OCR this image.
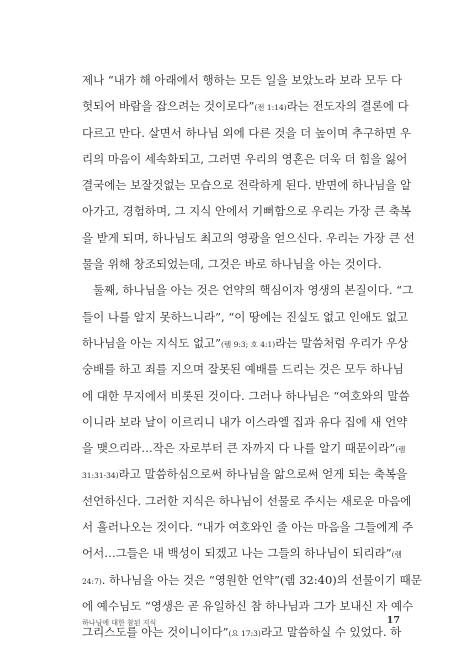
제나 “내가 해 아래에서 행하는 모든 일을 보았노라 보라 모두 다
헛되어 바람을 잡으려는 것이로다”(전 1:14)라는 전도자의 결론에 다
다르고 만다. 살면서 하나님 외에 다른 것을 더 높이며 추구하면 우
리의 마음이 세속화되고, 그러면 우리의 영혼은 더욱 더 힘을 잃어
결국에는 보잘것없는 모습으로 전락하게 된다. 반면에 하나님을 알
아가고, 경험하며, 그 지식 안에서 기뻐함으로 우리는 가장 큰 축복
을 받게 되며, 하나님도 최고의 영광을 얻으신다. 우리는 가장 큰 선
물을 위해 창조되었는데, 그것은 바로 하나님을 아는 것이다.
둘째, 하나님을 아는 것은 언약의 핵심이자 영생의 본질이다. “그
들이 나를 알지 못하느니라”, “이 땅에는 진실도 없고 인애도 없고
하나님을 아는 지식도 없고”(렘 9:3; 호 4:1)라는 말씀처럼 우리가 우상
숭배를 하고 죄를 지으며 잘못된 예배를 드리는 것은 모두 하나님
에 대한 무지에서 비롯된 것이다. 그러나 하나님은 “여호와의 말씀
이니라 보라 날이 이르리니 내가 이스라엘 집과 유다 집에 새 언약
을 맺으리라…작은 자로부터 큰 자까지 다 나를 알기 때문이라”(렘
31:31-34)라고 말씀하심으로써 하나님을 앎으로써 얻게 되는 축복을
선언하신다. 그러한 지식은 하나님이 선물로 주시는 새로운 마음에
서 흘러나오는 것이다. “내가 여호와인 줄 아는 마음을 그들에게 주
어서…그들은 내 백성이 되겠고 나는 그들의 하나님이 되리라”(렘
24:7). 하나님을 아는 것은 “영원한 언약”(렘 32:40)의 선물이기 때문
에 예수님도 “영생은 곧 유일하신 참 하나님과 그가 보내신 자 예수
그리스도를 아는 것이니이다”(요 17:3)라고 말씀하실 수 있었다. 하
하나님에 대한 참된 지식	17
